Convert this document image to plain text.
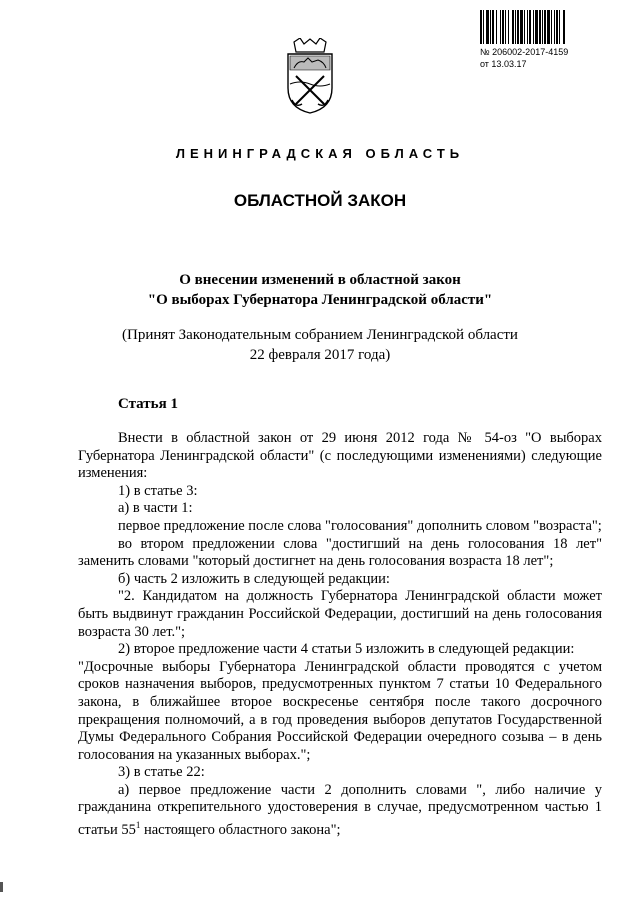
№ 206002-2017-4159
от 13.03.17
ЛЕНИНГРАДСКАЯ ОБЛАСТЬ
ОБЛАСТНОЙ ЗАКОН
О внесении изменений в областной закон
"О выборах Губернатора Ленинградской области"
(Принят Законодательным собранием Ленинградской области
22 февраля 2017 года)
Статья 1

Внести в областной закон от 29 июня 2012 года № 54-оз "О выборах Губернатора Ленинградской области" (с последующими изменениями) следующие изменения:

1) в статье 3:

а) в части 1:

первое предложение после слова "голосования" дополнить словом "возраста";

во втором предложении слова "достигший на день голосования 18 лет" заменить словами "который достигнет на день голосования возраста 18 лет";

б) часть 2 изложить в следующей редакции:

"2. Кандидатом на должность Губернатора Ленинградской области может быть выдвинут гражданин Российской Федерации, достигший на день голосования возраста 30 лет.";

2) второе предложение части 4 статьи 5 изложить в следующей редакции:

"Досрочные выборы Губернатора Ленинградской области проводятся с учетом сроков назначения выборов, предусмотренных пунктом 7 статьи 10 Федерального закона, в ближайшее второе воскресенье сентября после такого досрочного прекращения полномочий, а в год проведения выборов депутатов Государственной Думы Федерального Собрания Российской Федерации очередного созыва – в день голосования на указанных выборах.";

3) в статье 22:

а) первое предложение части 2 дополнить словами ", либо наличие у гражданина открепительного удостоверения в случае, предусмотренном частью 1 статьи $55^1$ настоящего областного закона";
